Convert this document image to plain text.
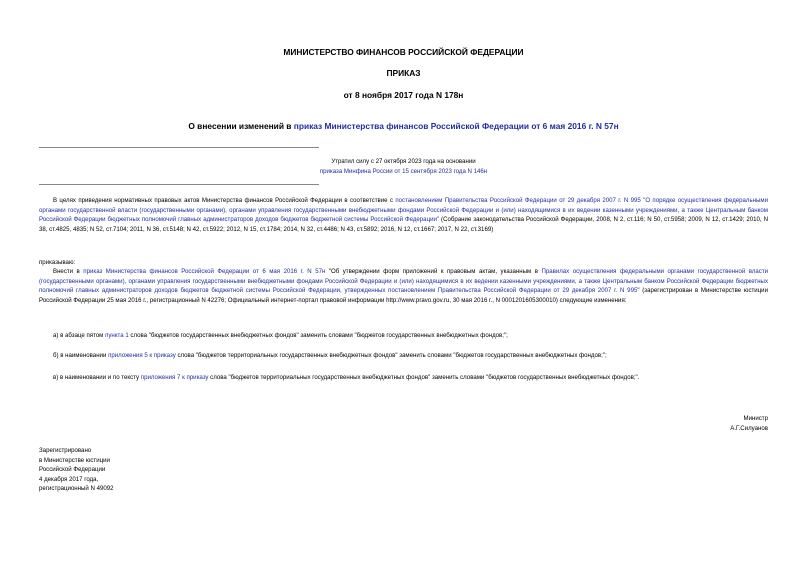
МИНИСТЕРСТВО ФИНАНСОВ РОССИЙСКОЙ ФЕДЕРАЦИИ
ПРИКАЗ
от 8 ноября 2017 года N 178н
О внесении изменений в приказ Министерства финансов Российской Федерации от 6 мая 2016 г. N 57н
Утратил силу с 27 октября 2023 года на основании
приказа Минфина России от 15 сентября 2023 года N 146н
В целях приведения нормативных правовых актов Министерства финансов Российской Федерации в соответствие с постановлением Правительства Российской Федерации от 29 декабря 2007 г. N 995 "О порядке осуществления федеральными органами государственной власти (государственными органами), органами управления государственными внебюджетными фондами Российской Федерации и (или) находящимися в их ведении казенными учреждениями, а также Центральным банком Российской Федерации бюджетных полномочий главных администраторов доходов бюджетов бюджетной системы Российской Федерации" (Собрание законодательства Российской Федерации, 2008, N 2, ст.116; N 50, ст.5958; 2009, N 12, ст.1429; 2010, N 38, ст.4825, 4835; N 52, ст.7104; 2011, N 36, ст.5148; N 42, ст.5922; 2012, N 15, ст.1784; 2014, N 32, ст.4486; N 43, ст.5892; 2016, N 12, ст.1667; 2017, N 22, ст.3169)
приказываю:
Внести в приказ Министерства финансов Российской Федерации от 6 мая 2016 г. N 57н "Об утверждении форм приложений к правовым актам, указанным в Правилах осуществления федеральными органами государственной власти (государственными органами), органами управления государственными внебюджетными фондами Российской Федерации и (или) находящимися в их ведении казенными учреждениями, а также Центральным банком Российской Федерации бюджетных полномочий главных администраторов доходов бюджетов бюджетной системы Российской Федерации, утвержденных постановлением Правительства Российской Федерации от 29 декабря 2007 г. N 995" (зарегистрирован в Министерстве юстиции Российской Федерации 25 мая 2016 г., регистрационный N 42276; Официальный интернет-портал правовой информации http://www.pravo.gov.ru, 30 мая 2016 г., N 0001201605300010) следующие изменения:
а) в абзаце пятом пункта 1 слова "бюджетов государственных внебюджетных фондов" заменить словами "бюджетов государственных внебюджетных фондов;";
б) в наименовании приложения 5 к приказу слова "бюджетов территориальных государственных внебюджетных фондов" заменить словами "бюджетов государственных внебюджетных фондов;";
в) в наименовании и по тексту приложения 7 к приказу слова "бюджетов территориальных государственных внебюджетных фондов" заменить словами "бюджетов государственных внебюджетных фондов;".
Министр
А.Г.Силуанов
Зарегистрировано
в Министерстве юстиции
Российской Федерации
4 декабря 2017 года,
регистрационный N 49092
